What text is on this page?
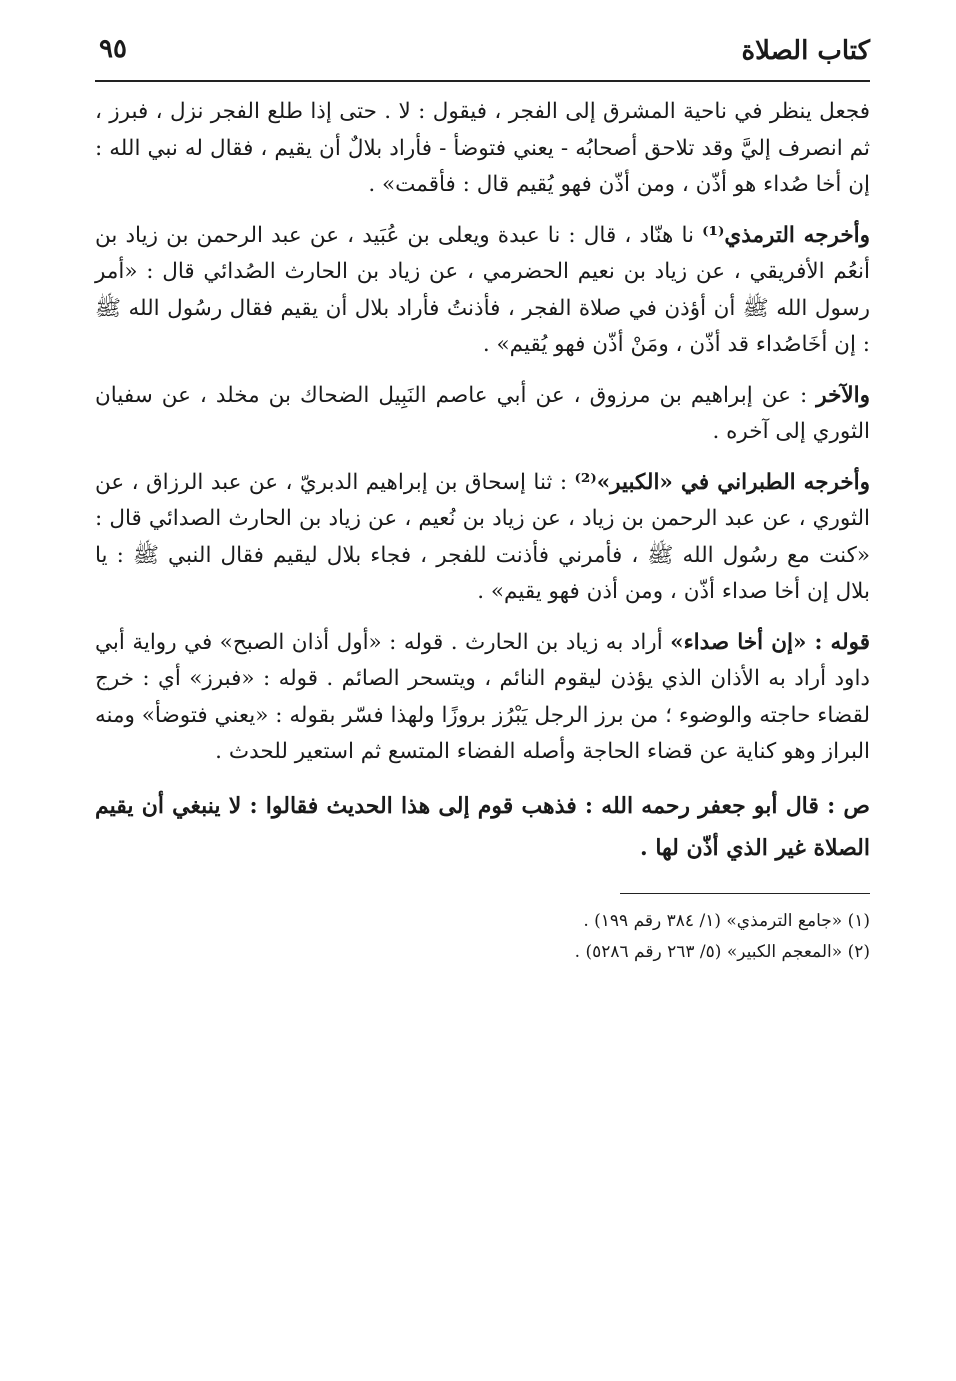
كتاب الصلاة
٩٥

فجعل ينظر في ناحية المشرق إلى الفجر ، فيقول : لا . حتى إذا طلع الفجر نزل ، فبرز ، ثم انصرف إليَّ وقد تلاحق أصحابُه - يعني فتوضأ - فأراد بلالٌ أن يقيم ، فقال له نبي الله : إن أخا صُداء هو أذّن ، ومن أذّن فهو يُقيم قال : فأقمت» .

وأخرجه الترمذي⁽¹⁾ نا هنّاد ، قال : نا عبدة ويعلى بن عُبَيد ، عن عبد الرحمن بن زياد بن أنعُم الأفريقي ، عن زياد بن نعيم الحضرمي ، عن زياد بن الحارث الصُدائي قال : «أمر رسول الله ﷺ أن أؤذن في صلاة الفجر ، فأذنتُ فأراد بلال أن يقيم فقال رسُول الله ﷺ : إن أخَاصُداء قد أذّن ، ومَنْ أذّن فهو يُقيم» .

والآخر : عن إبراهيم بن مرزوق ، عن أبي عاصم النَبِيل الضحاك بن مخلد ، عن سفيان الثوري إلى آخره .

وأخرجه الطبراني في «الكبير»⁽²⁾ : ثنا إسحاق بن إبراهيم الدبريّ ، عن عبد الرزاق ، عن الثوري ، عن عبد الرحمن بن زياد ، عن زياد بن نُعيم ، عن زياد بن الحارث الصدائي قال : «كنت مع رسُول الله ﷺ ، فأمرني فأذنت للفجر ، فجاء بلال ليقيم فقال النبي ﷺ : يا بلال إن أخا صداء أذّن ، ومن أذن فهو يقيم» .

قوله : «إن أخا صداء» أراد به زياد بن الحارث . قوله : «أول أذان الصبح» في رواية أبي داود أراد به الأذان الذي يؤذن ليقوم النائم ، ويتسحر الصائم . قوله : «فبرز» أي : خرج لقضاء حاجته والوضوء ؛ من برز الرجل يَبْرُز بروزًا ولهذا فسّر بقوله : «يعني فتوضأ» ومنه البراز وهو كناية عن قضاء الحاجة وأصله الفضاء المتسع ثم استعير للحدث .

ص : قال أبو جعفر رحمه الله : فذهب قوم إلى هذا الحديث فقالوا : لا ينبغي أن يقيم الصلاة غير الذي أذّن لها .

(١) «جامع الترمذي» (١/ ٣٨٤ رقم ١٩٩) .
(٢) «المعجم الكبير» (٥/ ٢٦٣ رقم ٥٢٨٦) .
